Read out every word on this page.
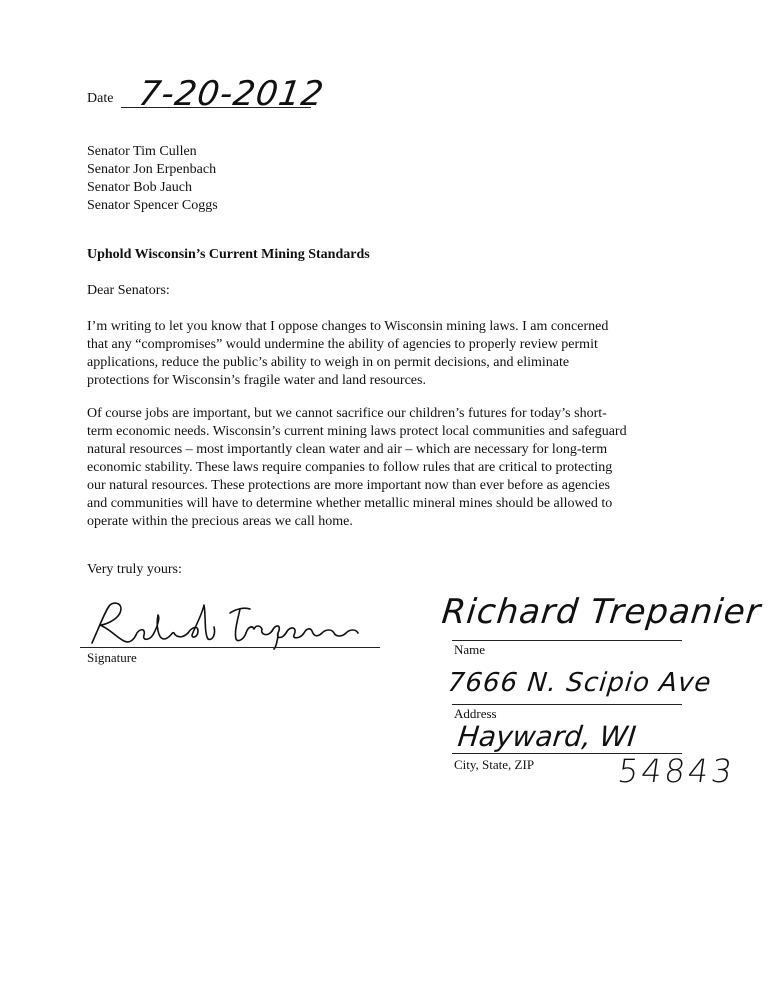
Date 7-20-2012
Senator Tim Cullen
Senator Jon Erpenbach
Senator Bob Jauch
Senator Spencer Coggs
Uphold Wisconsin’s Current Mining Standards
Dear Senators:
I’m writing to let you know that I oppose changes to Wisconsin mining laws. I am concerned
that any “compromises” would undermine the ability of agencies to properly review permit
applications, reduce the public’s ability to weigh in on permit decisions, and eliminate
protections for Wisconsin’s fragile water and land resources.
Of course jobs are important, but we cannot sacrifice our children’s futures for today’s short-
term economic needs. Wisconsin’s current mining laws protect local communities and safeguard
natural resources – most importantly clean water and air – which are necessary for long-term
economic stability. These laws require companies to follow rules that are critical to protecting
our natural resources. These protections are more important now than ever before as agencies
and communities will have to determine whether metallic mineral mines should be allowed to
operate within the precious areas we call home.
Very truly yours:
Signature
Richard Trepanier
Name
7666 N. Scipio Ave
Address
Hayward, WI
City, State, ZIP	54843
